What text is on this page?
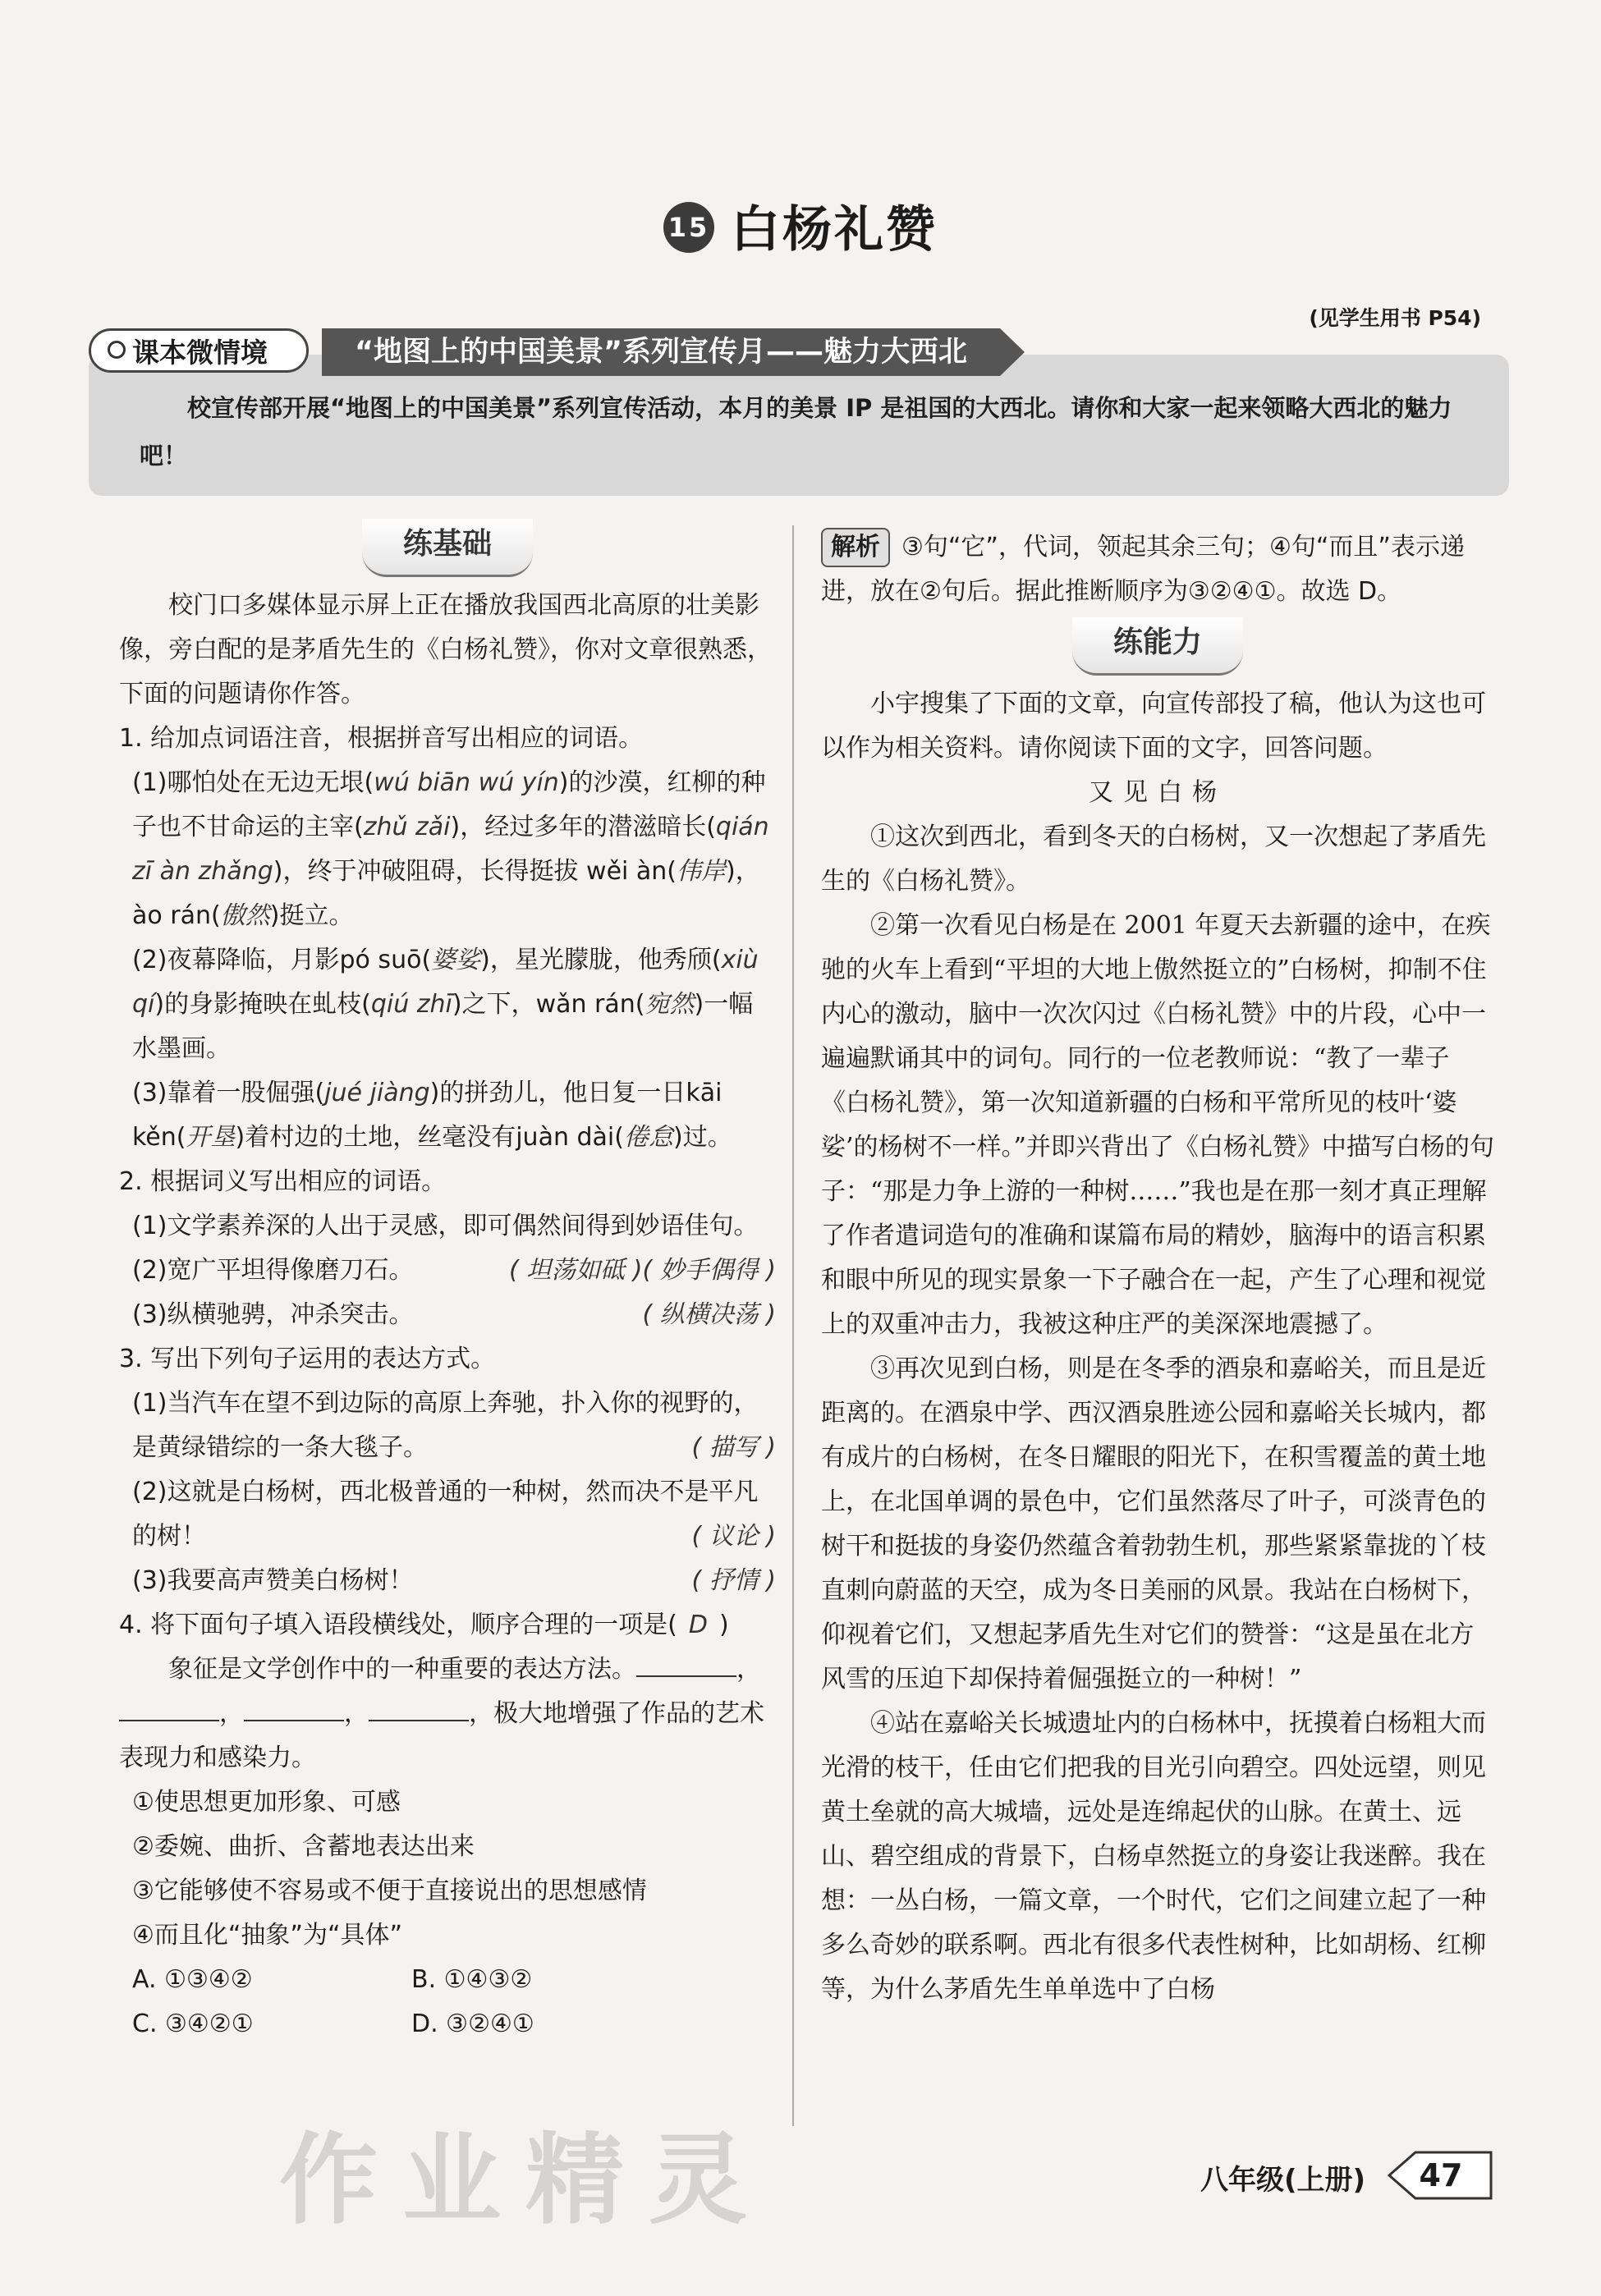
15 白杨礼赞
(见学生用书 P54)
课本微情境	“地图上的中国美景”系列宣传月——魅力大西北
校宣传部开展“地图上的中国美景”系列宣传活动，本月的美景 IP 是祖国的大西北。请你和大家一起来领略大西北的魅力吧！
练基础

校门口多媒体显示屏上正在播放我国西北高原的壮美影像，旁白配的是茅盾先生的《白杨礼赞》，你对文章很熟悉，下面的问题请你作答。

1. 给加点词语注音，根据拼音写出相应的词语。

(1)哪怕处在无边无垠(wú biān wú yín)的沙漠，红柳的种子也不甘命运的主宰(zhǔ zǎi)，经过多年的潜滋暗长(qián zī àn zhǎng)，终于冲破阻碍，长得挺拔 wěi àn(伟岸)，ào rán(傲然)挺立。

(2)夜幕降临，月影pó suō(婆娑)，星光朦胧，他秀颀(xiù qí)的身影掩映在虬枝(qiú zhī)之下，wǎn rán(宛然)一幅水墨画。

(3)靠着一股倔强(jué jiàng)的拼劲儿，他日复一日kāi kěn(开垦)着村边的土地，丝毫没有juàn dài(倦怠)过。

2. 根据词义写出相应的词语。

(1)文学素养深的人出于灵感，即可偶然间得到妙语佳句。
( 妙手偶得 )

(2)宽广平坦得像磨刀石。	( 坦荡如砥 )

(3)纵横驰骋，冲杀突击。	( 纵横决荡 )

3. 写出下列句子运用的表达方式。

(1)当汽车在望不到边际的高原上奔驰，扑入你的视野的，是黄绿错综的一条大毯子。	( 描写 )

(2)这就是白杨树，西北极普通的一种树，然而决不是平凡的树！	( 议论 )

(3)我要高声赞美白杨树！	( 抒情 )

4. 将下面句子填入语段横线处，顺序合理的一项是( D )

象征是文学创作中的一种重要的表达方法。	，，	，	，极大地增强了作品的艺术表现力和感染力。

①使思想更加形象、可感

②委婉、曲折、含蓄地表达出来

③它能够使不容易或不便于直接说出的思想感情

④而且化“抽象”为“具体”

A. ①③④②	B. ①④③②

C. ③④②①	D. ③②④①

解析 ③句“它”，代词，领起其余三句；④句“而且”表示递进，放在②句后。据此推断顺序为③②④①。故选 D。

练能力

小宇搜集了下面的文章，向宣传部投了稿，他认为这也可以作为相关资料。请你阅读下面的文字，回答问题。

又见白杨

①这次到西北，看到冬天的白杨树，又一次想起了茅盾先生的《白杨礼赞》。

②第一次看见白杨是在 2001 年夏天去新疆的途中，在疾驰的火车上看到“平坦的大地上傲然挺立的”白杨树，抑制不住内心的激动，脑中一次次闪过《白杨礼赞》中的片段，心中一遍遍默诵其中的词句。同行的一位老教师说：“教了一辈子《白杨礼赞》，第一次知道新疆的白杨和平常所见的枝叶‘婆娑’的杨树不一样。”并即兴背出了《白杨礼赞》中描写白杨的句子：“那是力争上游的一种树……”我也是在那一刻才真正理解了作者遣词造句的准确和谋篇布局的精妙，脑海中的语言积累和眼中所见的现实景象一下子融合在一起，产生了心理和视觉上的双重冲击力，我被这种庄严的美深深地震撼了。

③再次见到白杨，则是在冬季的酒泉和嘉峪关，而且是近距离的。在酒泉中学、西汉酒泉胜迹公园和嘉峪关长城内，都有成片的白杨树，在冬日耀眼的阳光下，在积雪覆盖的黄土地上，在北国单调的景色中，它们虽然落尽了叶子，可淡青色的树干和挺拔的身姿仍然蕴含着勃勃生机，那些紧紧靠拢的丫枝直刺向蔚蓝的天空，成为冬日美丽的风景。我站在白杨树下，仰视着它们，又想起茅盾先生对它们的赞誉：“这是虽在北方风雪的压迫下却保持着倔强挺立的一种树！”

④站在嘉峪关长城遗址内的白杨林中，抚摸着白杨粗大而光滑的枝干，任由它们把我的目光引向碧空。四处远望，则见黄土垒就的高大城墙，远处是连绵起伏的山脉。在黄土、远山、碧空组成的背景下，白杨卓然挺立的身姿让我迷醉。我在想：一丛白杨，一篇文章，一个时代，它们之间建立起了一种多么奇妙的联系啊。西北有很多代表性树种，比如胡杨、红柳等，为什么茅盾先生单单选中了白杨

作业精灵	八年级(上册)	47
